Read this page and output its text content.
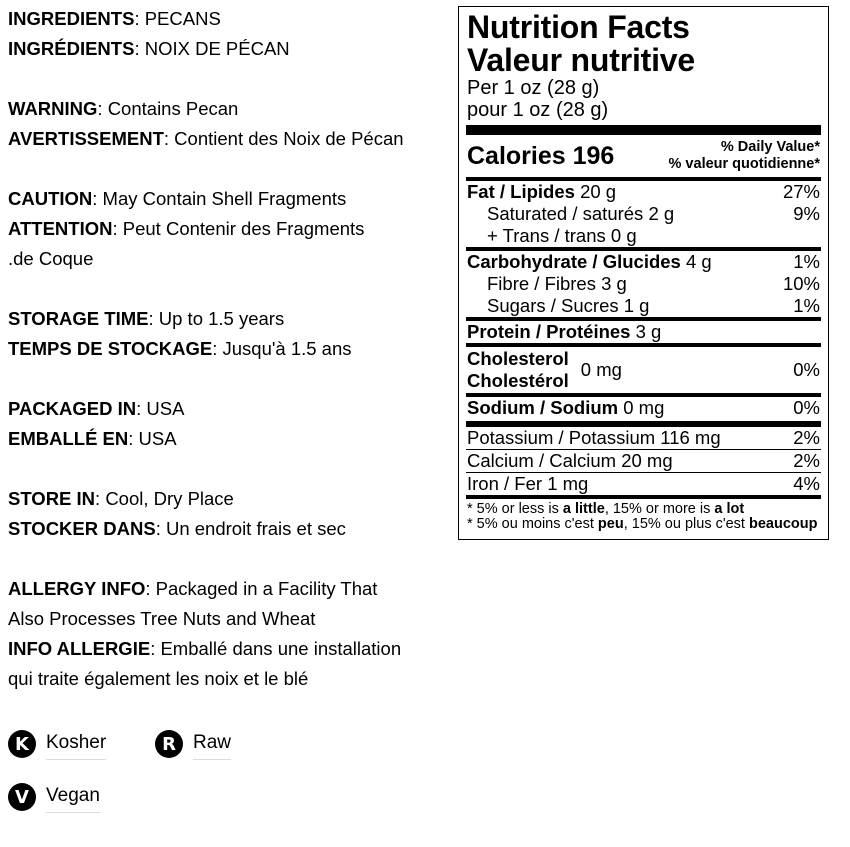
INGREDIENTS: PECANS
INGRÉDIENTS: NOIX DE PÉCAN
WARNING: Contains Pecan
AVERTISSEMENT: Contient des Noix de Pécan
CAUTION: May Contain Shell Fragments
ATTENTION: Peut Contenir des Fragments
.de Coque
STORAGE TIME: Up to 1.5 years
TEMPS DE STOCKAGE: Jusqu'à 1.5 ans
PACKAGED IN: USA
EMBALLÉ EN: USA
STORE IN: Cool, Dry Place
STOCKER DANS: Un endroit frais et sec
ALLERGY INFO: Packaged in a Facility That
Also Processes Tree Nuts and Wheat
INFO ALLERGIE: Emballé dans une installation
qui traite également les noix et le blé
K Kosher	R Raw
V Vegan
Nutrition Facts
Valeur nutritive
Per 1 oz (28 g)
pour 1 oz (28 g)
Calories 196	% Daily Value*
% valeur quotidienne*
Fat / Lipides 20 g	27%
Saturated / saturés 2 g	9%
+ Trans / trans 0 g
Carbohydrate / Glucides 4 g	1%
Fibre / Fibres 3 g	10%
Sugars / Sucres 1 g	1%
Protein / Protéines 3 g
Cholesterol
Cholestérol
0 mg	0%
Sodium / Sodium 0 mg	0%
Potassium / Potassium 116 mg	2%
Calcium / Calcium 20 mg	2%
Iron / Fer 1 mg	4%
* 5% or less is a little, 15% or more is a lot
* 5% ou moins c'est peu, 15% ou plus c'est beaucoup
